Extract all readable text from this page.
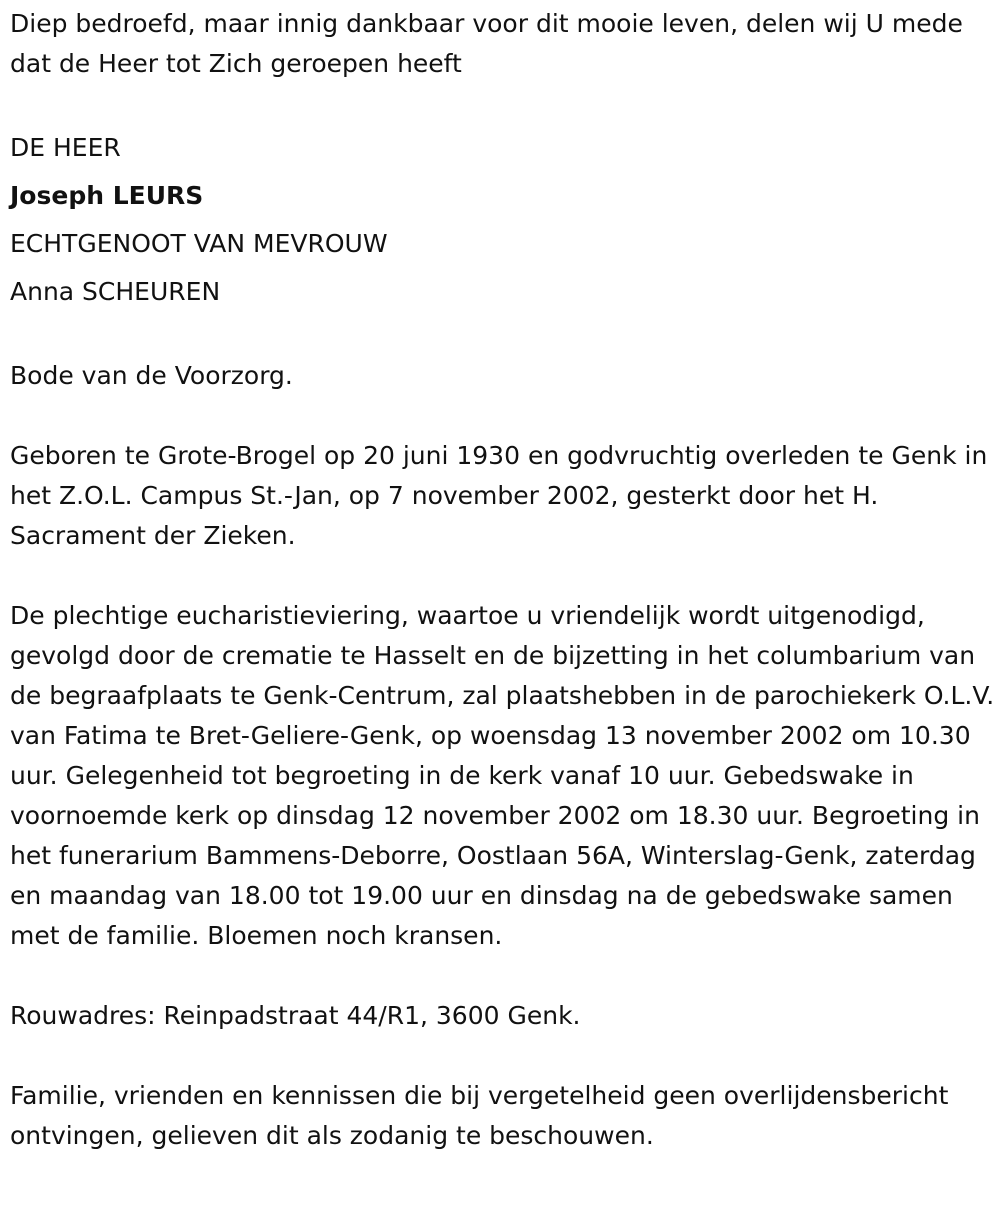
Diep bedroefd, maar innig dankbaar voor dit mooie leven, delen wij U mede dat de Heer tot Zich geroepen heeft

DE HEER

Joseph LEURS

ECHTGENOOT VAN MEVROUW

Anna SCHEUREN

Bode van de Voorzorg.

Geboren te Grote-Brogel op 20 juni 1930 en godvruchtig overleden te Genk in het Z.O.L. Campus St.-Jan, op 7 november 2002, gesterkt door het H. Sacrament der Zieken.

De plechtige eucharistieviering, waartoe u vriendelijk wordt uitgenodigd, gevolgd door de crematie te Hasselt en de bijzetting in het columbarium van de begraafplaats te Genk-Centrum, zal plaatshebben in de parochiekerk O.L.V. van Fatima te Bret-Geliere-Genk, op woensdag 13 november 2002 om 10.30 uur. Gelegenheid tot begroeting in de kerk vanaf 10 uur. Gebedswake in voornoemde kerk op dinsdag 12 november 2002 om 18.30 uur. Begroeting in het funerarium Bammens-Deborre, Oostlaan 56A, Winterslag-Genk, zaterdag en maandag van 18.00 tot 19.00 uur en dinsdag na de gebedswake samen met de familie. Bloemen noch kransen.

Rouwadres: Reinpadstraat 44/R1, 3600 Genk.

Familie, vrienden en kennissen die bij vergetelheid geen overlijdensbericht ontvingen, gelieven dit als zodanig te beschouwen.
